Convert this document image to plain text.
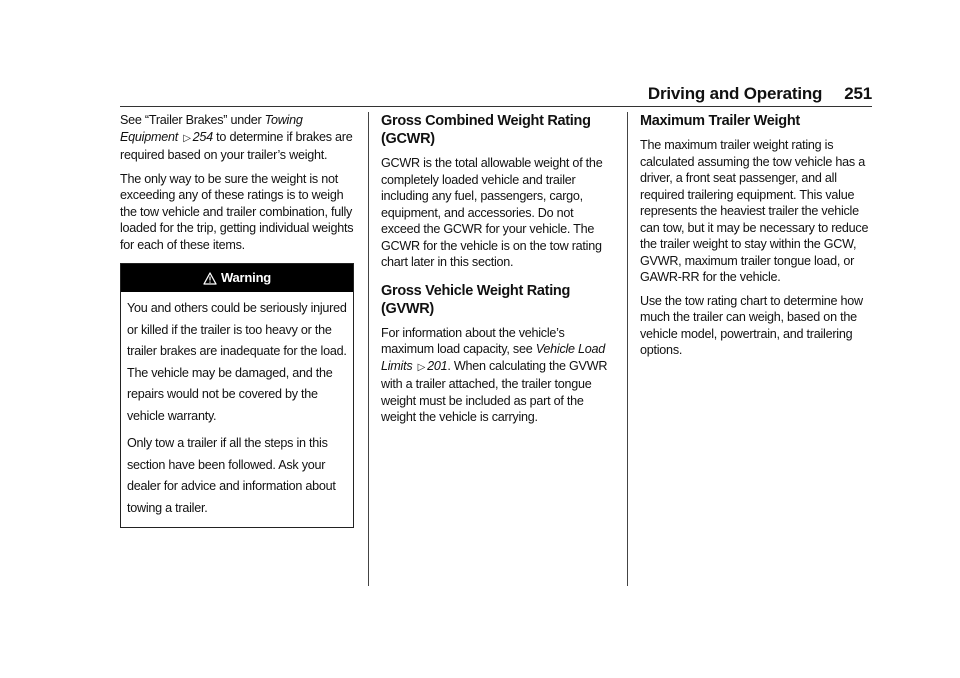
Driving and Operating 251

See “Trailer Brakes” under Towing Equipment ▷ 254 to determine if brakes are required based on your trailer’s weight.

The only way to be sure the weight is not exceeding any of these ratings is to weigh the tow vehicle and trailer combination, fully loaded for the trip, getting individual weights for each of these items.

Warning

You and others could be seriously injured or killed if the trailer is too heavy or the trailer brakes are inadequate for the load. The vehicle may be damaged, and the repairs would not be covered by the vehicle warranty.

Only tow a trailer if all the steps in this section have been followed. Ask your dealer for advice and information about towing a trailer.

Gross Combined Weight Rating (GCWR)

GCWR is the total allowable weight of the completely loaded vehicle and trailer including any fuel, passengers, cargo, equipment, and accessories. Do not exceed the GCWR for your vehicle. The GCWR for the vehicle is on the tow rating chart later in this section.

Gross Vehicle Weight Rating (GVWR)

For information about the vehicle’s maximum load capacity, see Vehicle Load Limits ▷ 201. When calculating the GVWR with a trailer attached, the trailer tongue weight must be included as part of the weight the vehicle is carrying.

Maximum Trailer Weight

The maximum trailer weight rating is calculated assuming the tow vehicle has a driver, a front seat passenger, and all required trailering equipment. This value represents the heaviest trailer the vehicle can tow, but it may be necessary to reduce the trailer weight to stay within the GCW, GVWR, maximum trailer tongue load, or GAWR-RR for the vehicle.

Use the tow rating chart to determine how much the trailer can weigh, based on the vehicle model, powertrain, and trailering options.
